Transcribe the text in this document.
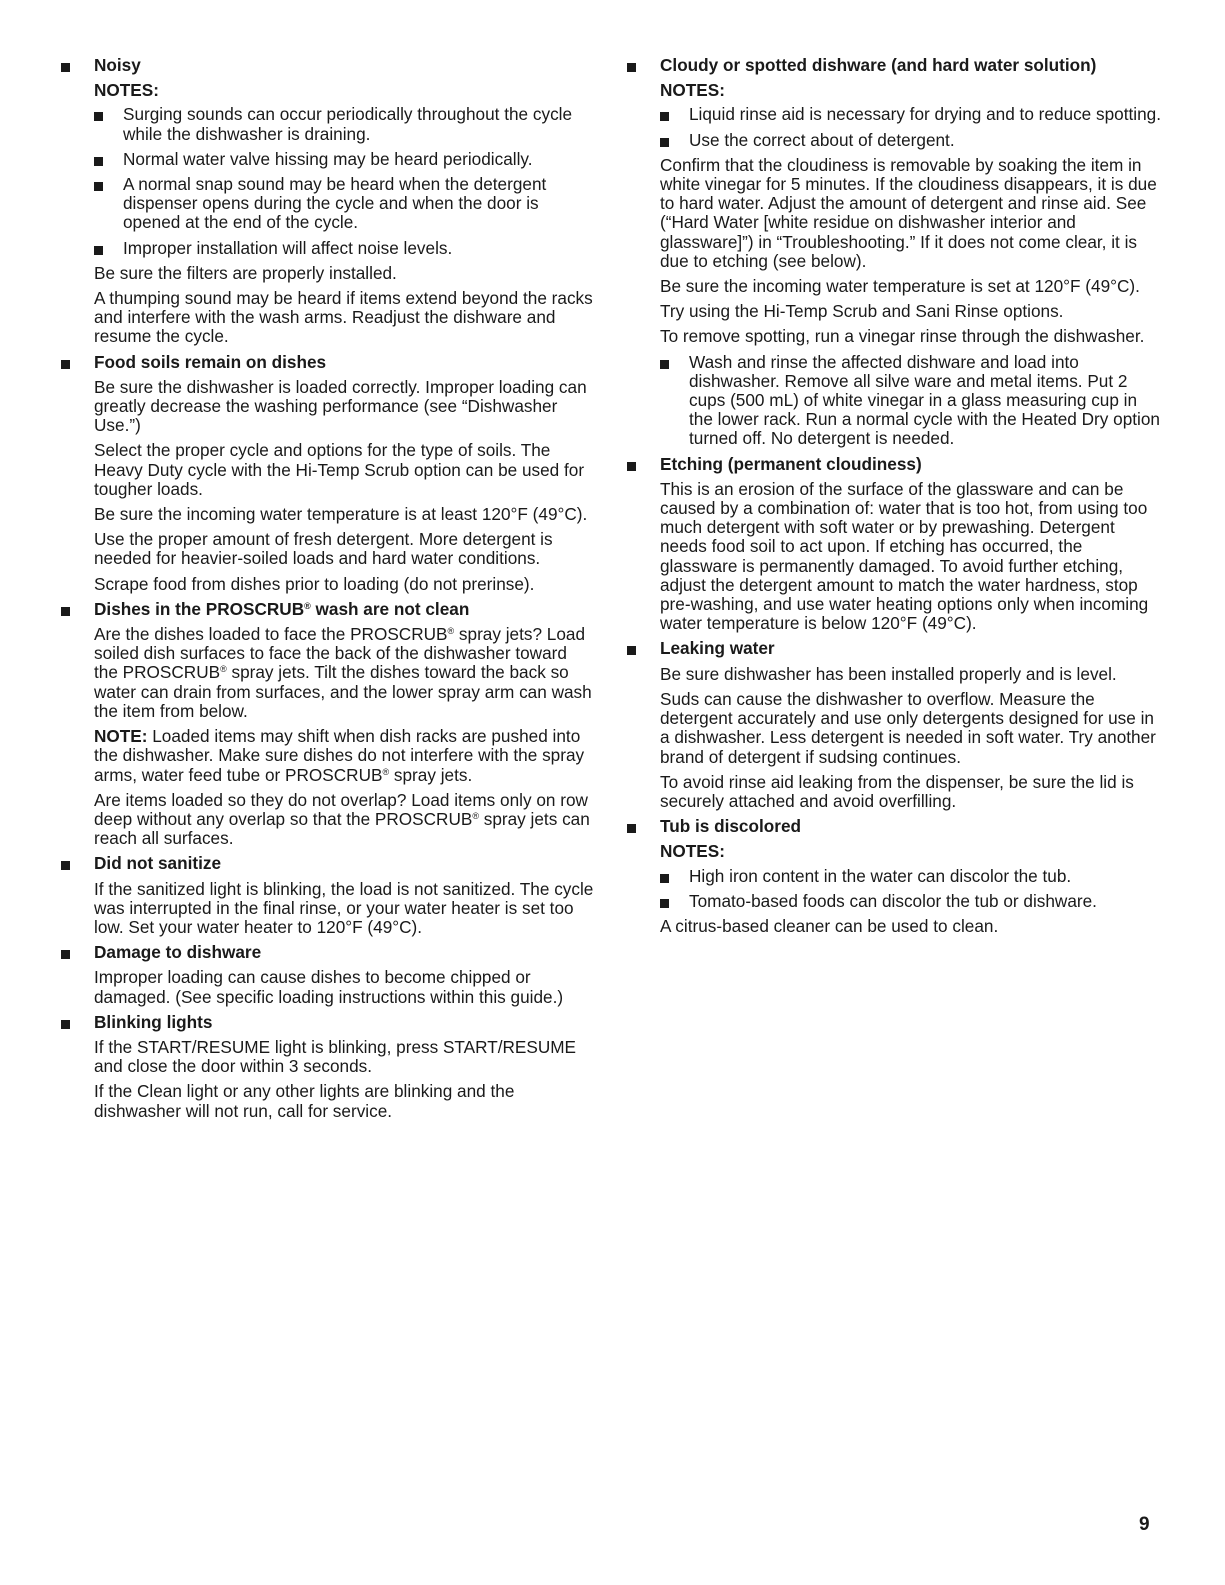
Noisy
NOTES:
Surging sounds can occur periodically throughout the cycle while the dishwasher is draining.
Normal water valve hissing may be heard periodically.
A normal snap sound may be heard when the detergent dispenser opens during the cycle and when the door is opened at the end of the cycle.
Improper installation will affect noise levels.

Be sure the filters are properly installed.

A thumping sound may be heard if items extend beyond the racks and interfere with the wash arms. Readjust the dishware and resume the cycle.

Food soils remain on dishes

Be sure the dishwasher is loaded correctly. Improper loading can greatly decrease the washing performance (see “Dishwasher Use.”)

Select the proper cycle and options for the type of soils. The Heavy Duty cycle with the Hi-Temp Scrub option can be used for tougher loads.

Be sure the incoming water temperature is at least 120°F (49°C).

Use the proper amount of fresh detergent. More detergent is needed for heavier-soiled loads and hard water conditions.

Scrape food from dishes prior to loading (do not prerinse).

Dishes in the PROSCRUB® wash are not clean

Are the dishes loaded to face the PROSCRUB® spray jets? Load soiled dish surfaces to face the back of the dishwasher toward the PROSCRUB® spray jets. Tilt the dishes toward the back so water can drain from surfaces, and the lower spray arm can wash the item from below.

NOTE: Loaded items may shift when dish racks are pushed into the dishwasher. Make sure dishes do not interfere with the spray arms, water feed tube or PROSCRUB® spray jets.

Are items loaded so they do not overlap? Load items only on row deep without any overlap so that the PROSCRUB® spray jets can reach all surfaces.

Did not sanitize

If the sanitized light is blinking, the load is not sanitized. The cycle was interrupted in the final rinse, or your water heater is set too low. Set your water heater to 120°F (49°C).

Damage to dishware

Improper loading can cause dishes to become chipped or damaged. (See specific loading instructions within this guide.)

Blinking lights

If the START/RESUME light is blinking, press START/RESUME and close the door within 3 seconds.

If the Clean light or any other lights are blinking and the dishwasher will not run, call for service.

Cloudy or spotted dishware (and hard water solution)
NOTES:
Liquid rinse aid is necessary for drying and to reduce spotting.
Use the correct about of detergent.

Confirm that the cloudiness is removable by soaking the item in white vinegar for 5 minutes. If the cloudiness disappears, it is due to hard water. Adjust the amount of detergent and rinse aid. See (“Hard Water [white residue on dishwasher interior and glassware]”) in “Troubleshooting.” If it does not come clear, it is due to etching (see below).

Be sure the incoming water temperature is set at 120°F (49°C).

Try using the Hi-Temp Scrub and Sani Rinse options.

To remove spotting, run a vinegar rinse through the dishwasher.

Wash and rinse the affected dishware and load into dishwasher. Remove all silve ware and metal items. Put 2 cups (500 mL) of white vinegar in a glass measuring cup in the lower rack. Run a normal cycle with the Heated Dry option turned off. No detergent is needed.
Etching (permanent cloudiness)

This is an erosion of the surface of the glassware and can be caused by a combination of: water that is too hot, from using too much detergent with soft water or by prewashing. Detergent needs food soil to act upon. If etching has occurred, the glassware is permanently damaged. To avoid further etching, adjust the detergent amount to match the water hardness, stop pre-washing, and use water heating options only when incoming water temperature is below 120°F (49°C).

Leaking water

Be sure dishwasher has been installed properly and is level.

Suds can cause the dishwasher to overflow. Measure the detergent accurately and use only detergents designed for use in a dishwasher. Less detergent is needed in soft water. Try another brand of detergent if sudsing continues.

To avoid rinse aid leaking from the dispenser, be sure the lid is securely attached and avoid overfilling.

Tub is discolored
NOTES:
High iron content in the water can discolor the tub.
Tomato-based foods can discolor the tub or dishware.

A citrus-based cleaner can be used to clean.

9
